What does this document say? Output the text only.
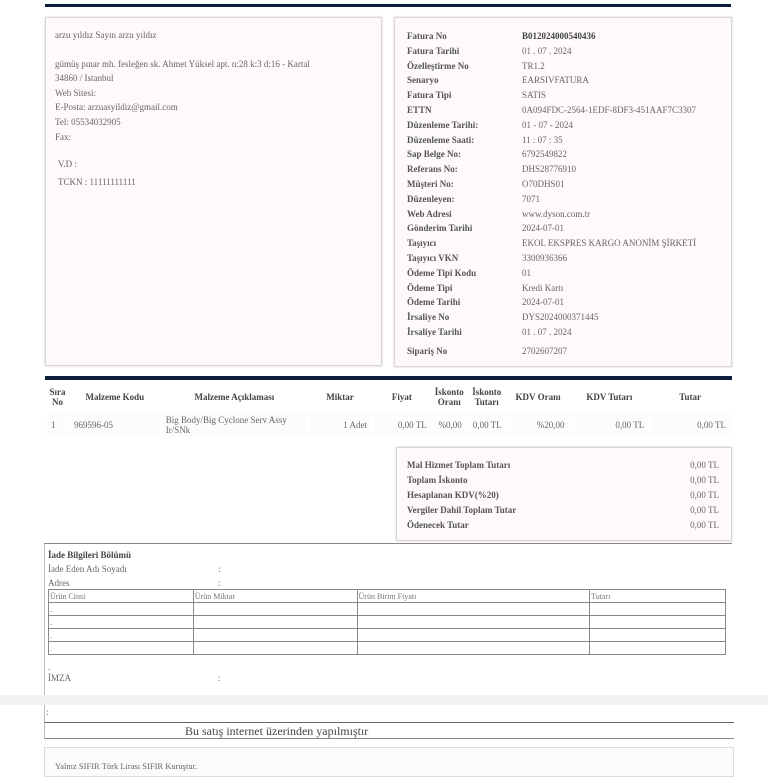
arzu yıldız Sayın arzu yıldız
gümüş pınar mh. fesleğen sk. Ahmet Yüksel apt. n:28 k:3 d:16 - Kartal
34860 / Istanbul
Web Sitesi:
E-Posta: arzuasyildiz@gmail.com
Tel: 05534032905
Fax:
V.D :
TCKN : 11111111111
Fatura No	B012024000540436
Fatura Tarihi	01 . 07 . 2024
Özelleştirme No	TR1.2
Senaryo	EARSIVFATURA
Fatura Tipi	SATIS
ETTN	0A094FDC-2564-1EDF-8DF3-451AAF7C3307
Düzenleme Tarihi:	01 - 07 - 2024
Düzenleme Saati:	11 : 07 : 35
Sap Belge No:	6792549822
Referans No:	DHS28776910
Müşteri No:	O70DHS01
Düzenleyen:	7071
Web Adresi	www.dyson.com.tr
Gönderim Tarihi	2024-07-01
Taşıyıcı	EKOL EKSPRES KARGO ANONİM ŞİRKETİ
Taşıyıcı VKN	3300936366
Ödeme Tipi Kodu	01
Ödeme Tipi	Kredi Kartı
Ödeme Tarihi	2024-07-01
İrsaliye No	DYS2024000371445
İrsaliye Tarihi	01 . 07 . 2024
Sipariş No	2702607207
Sıra No	Malzeme Kodu	Malzeme Açıklaması	Miktar	Fiyat	İskonto Oranı	İskonto Tutarı	KDV Oranı	KDV Tutarı	Tutar
1	969596-05	Big Body/Big Cyclone Serv Assy Ir/SNk	1 Adet	0,00 TL	%0,00	0,00 TL	%20,00	0,00 TL	0,00 TL
Mal Hizmet Toplam Tutarı	0,00 TL
Toplam İskonto	0,00 TL
Hesaplanan KDV(%20)	0,00 TL
Vergiler Dahil Toplam Tutar	0,00 TL
Ödenecek Tutar	0,00 TL
İade Bilgileri Bölümü
İade Eden Adı Soyadı	:
Adres	:
.
İMZA	:
Ürün Cinsi	Ürün Miktar	Ürün Birim Fiyatı	Tutarı
.			
.			
.			
.			
:
Bu satış internet üzerinden yapılmıştır
Yalnız SIFIR Türk Lirası SIFIR Kuruştur.
